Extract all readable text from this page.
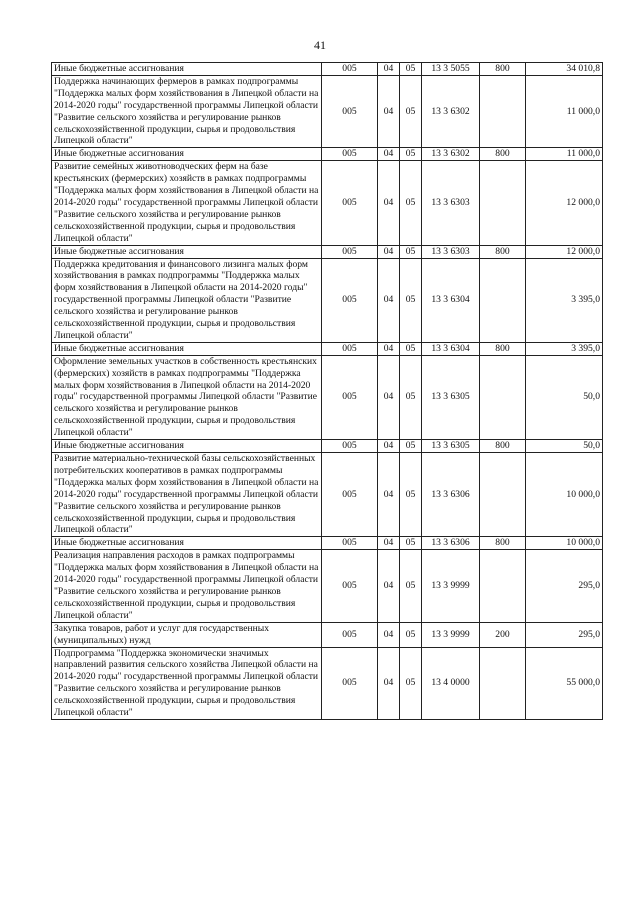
41
Иные бюджетные ассигнования	005	04	05	13 3 5055	800	34 010,8
Поддержка начинающих фермеров в рамках подпрограммы "Поддержка малых форм хозяйствования в Липецкой области на 2014-2020 годы" государственной программы Липецкой области "Развитие сельского хозяйства и регулирование рынков сельскохозяйственной продукции, сырья и продовольствия Липецкой области"	005	04	05	13 3 6302		11 000,0
Иные бюджетные ассигнования	005	04	05	13 3 6302	800	11 000,0
Развитие семейных животноводческих ферм на базе крестьянских (фермерских) хозяйств в рамках подпрограммы "Поддержка малых форм хозяйствования в Липецкой области на 2014-2020 годы" государственной программы Липецкой области "Развитие сельского хозяйства и регулирование рынков сельскохозяйственной продукции, сырья и продовольствия Липецкой области"	005	04	05	13 3 6303		12 000,0
Иные бюджетные ассигнования	005	04	05	13 3 6303	800	12 000,0
Поддержка кредитования и финансового лизинга малых форм хозяйствования в рамках подпрограммы "Поддержка малых форм хозяйствования в Липецкой области на 2014-2020 годы" государственной программы Липецкой области "Развитие сельского хозяйства и регулирование рынков сельскохозяйственной продукции, сырья и продовольствия Липецкой области"	005	04	05	13 3 6304		3 395,0
Иные бюджетные ассигнования	005	04	05	13 3 6304	800	3 395,0
Оформление земельных участков в собственность крестьянских (фермерских) хозяйств в рамках подпрограммы "Поддержка малых форм хозяйствования в Липецкой области на 2014-2020 годы" государственной программы Липецкой области "Развитие сельского хозяйства и регулирование рынков сельскохозяйственной продукции, сырья и продовольствия Липецкой области"	005	04	05	13 3 6305		50,0
Иные бюджетные ассигнования	005	04	05	13 3 6305	800	50,0
Развитие материально-технической базы сельскохозяйственных потребительских кооперативов в рамках подпрограммы "Поддержка малых форм хозяйствования в Липецкой области на 2014-2020 годы" государственной программы Липецкой области "Развитие сельского хозяйства и регулирование рынков сельскохозяйственной продукции, сырья и продовольствия Липецкой области"	005	04	05	13 3 6306		10 000,0
Иные бюджетные ассигнования	005	04	05	13 3 6306	800	10 000,0
Реализация направления расходов в рамках подпрограммы "Поддержка малых форм хозяйствования в Липецкой области на 2014-2020 годы" государственной программы Липецкой области "Развитие сельского хозяйства и регулирование рынков сельскохозяйственной продукции, сырья и продовольствия Липецкой области"	005	04	05	13 3 9999		295,0
Закупка товаров, работ и услуг для государственных (муниципальных) нужд	005	04	05	13 3 9999	200	295,0
Подпрограмма "Поддержка экономически значимых направлений развития сельского хозяйства Липецкой области на 2014-2020 годы" государственной программы Липецкой области "Развитие сельского хозяйства и регулирование рынков сельскохозяйственной продукции, сырья и продовольствия Липецкой области"	005	04	05	13 4 0000		55 000,0
